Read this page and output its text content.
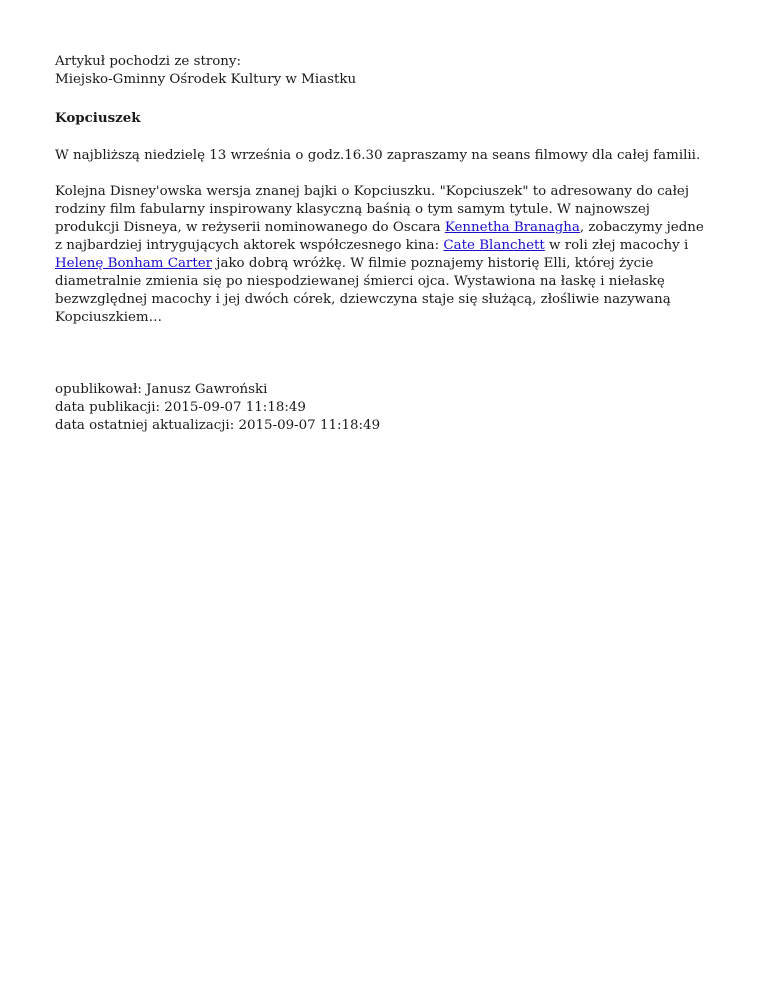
Artykuł pochodzi ze strony:

Miejsko-Gminny Ośrodek Kultury w Miastku

Kopciuszek

W najbliższą niedzielę 13 września o godz.16.30 zapraszamy na seans filmowy dla całej familii.

Kolejna Disney'owska wersja znanej bajki o Kopciuszku. "Kopciuszek" to adresowany do całej rodziny film fabularny inspirowany klasyczną baśnią o tym samym tytule. W najnowszej produkcji Disneya, w reżyserii nominowanego do Oscara Kennetha Branagha, zobaczymy jedne z najbardziej intrygujących aktorek współczesnego kina: Cate Blanchett w roli złej macochy i Helenę Bonham Carter jako dobrą wróżkę. W filmie poznajemy historię Elli, której życie diametralnie zmienia się po niespodziewanej śmierci ojca. Wystawiona na łaskę i niełaskę bezwzględnej macochy i jej dwóch córek, dziewczyna staje się służącą, złośliwie nazywaną Kopciuszkiem…

opublikował: Janusz Gawroński

data publikacji: 2015-09-07 11:18:49

data ostatniej aktualizacji: 2015-09-07 11:18:49
